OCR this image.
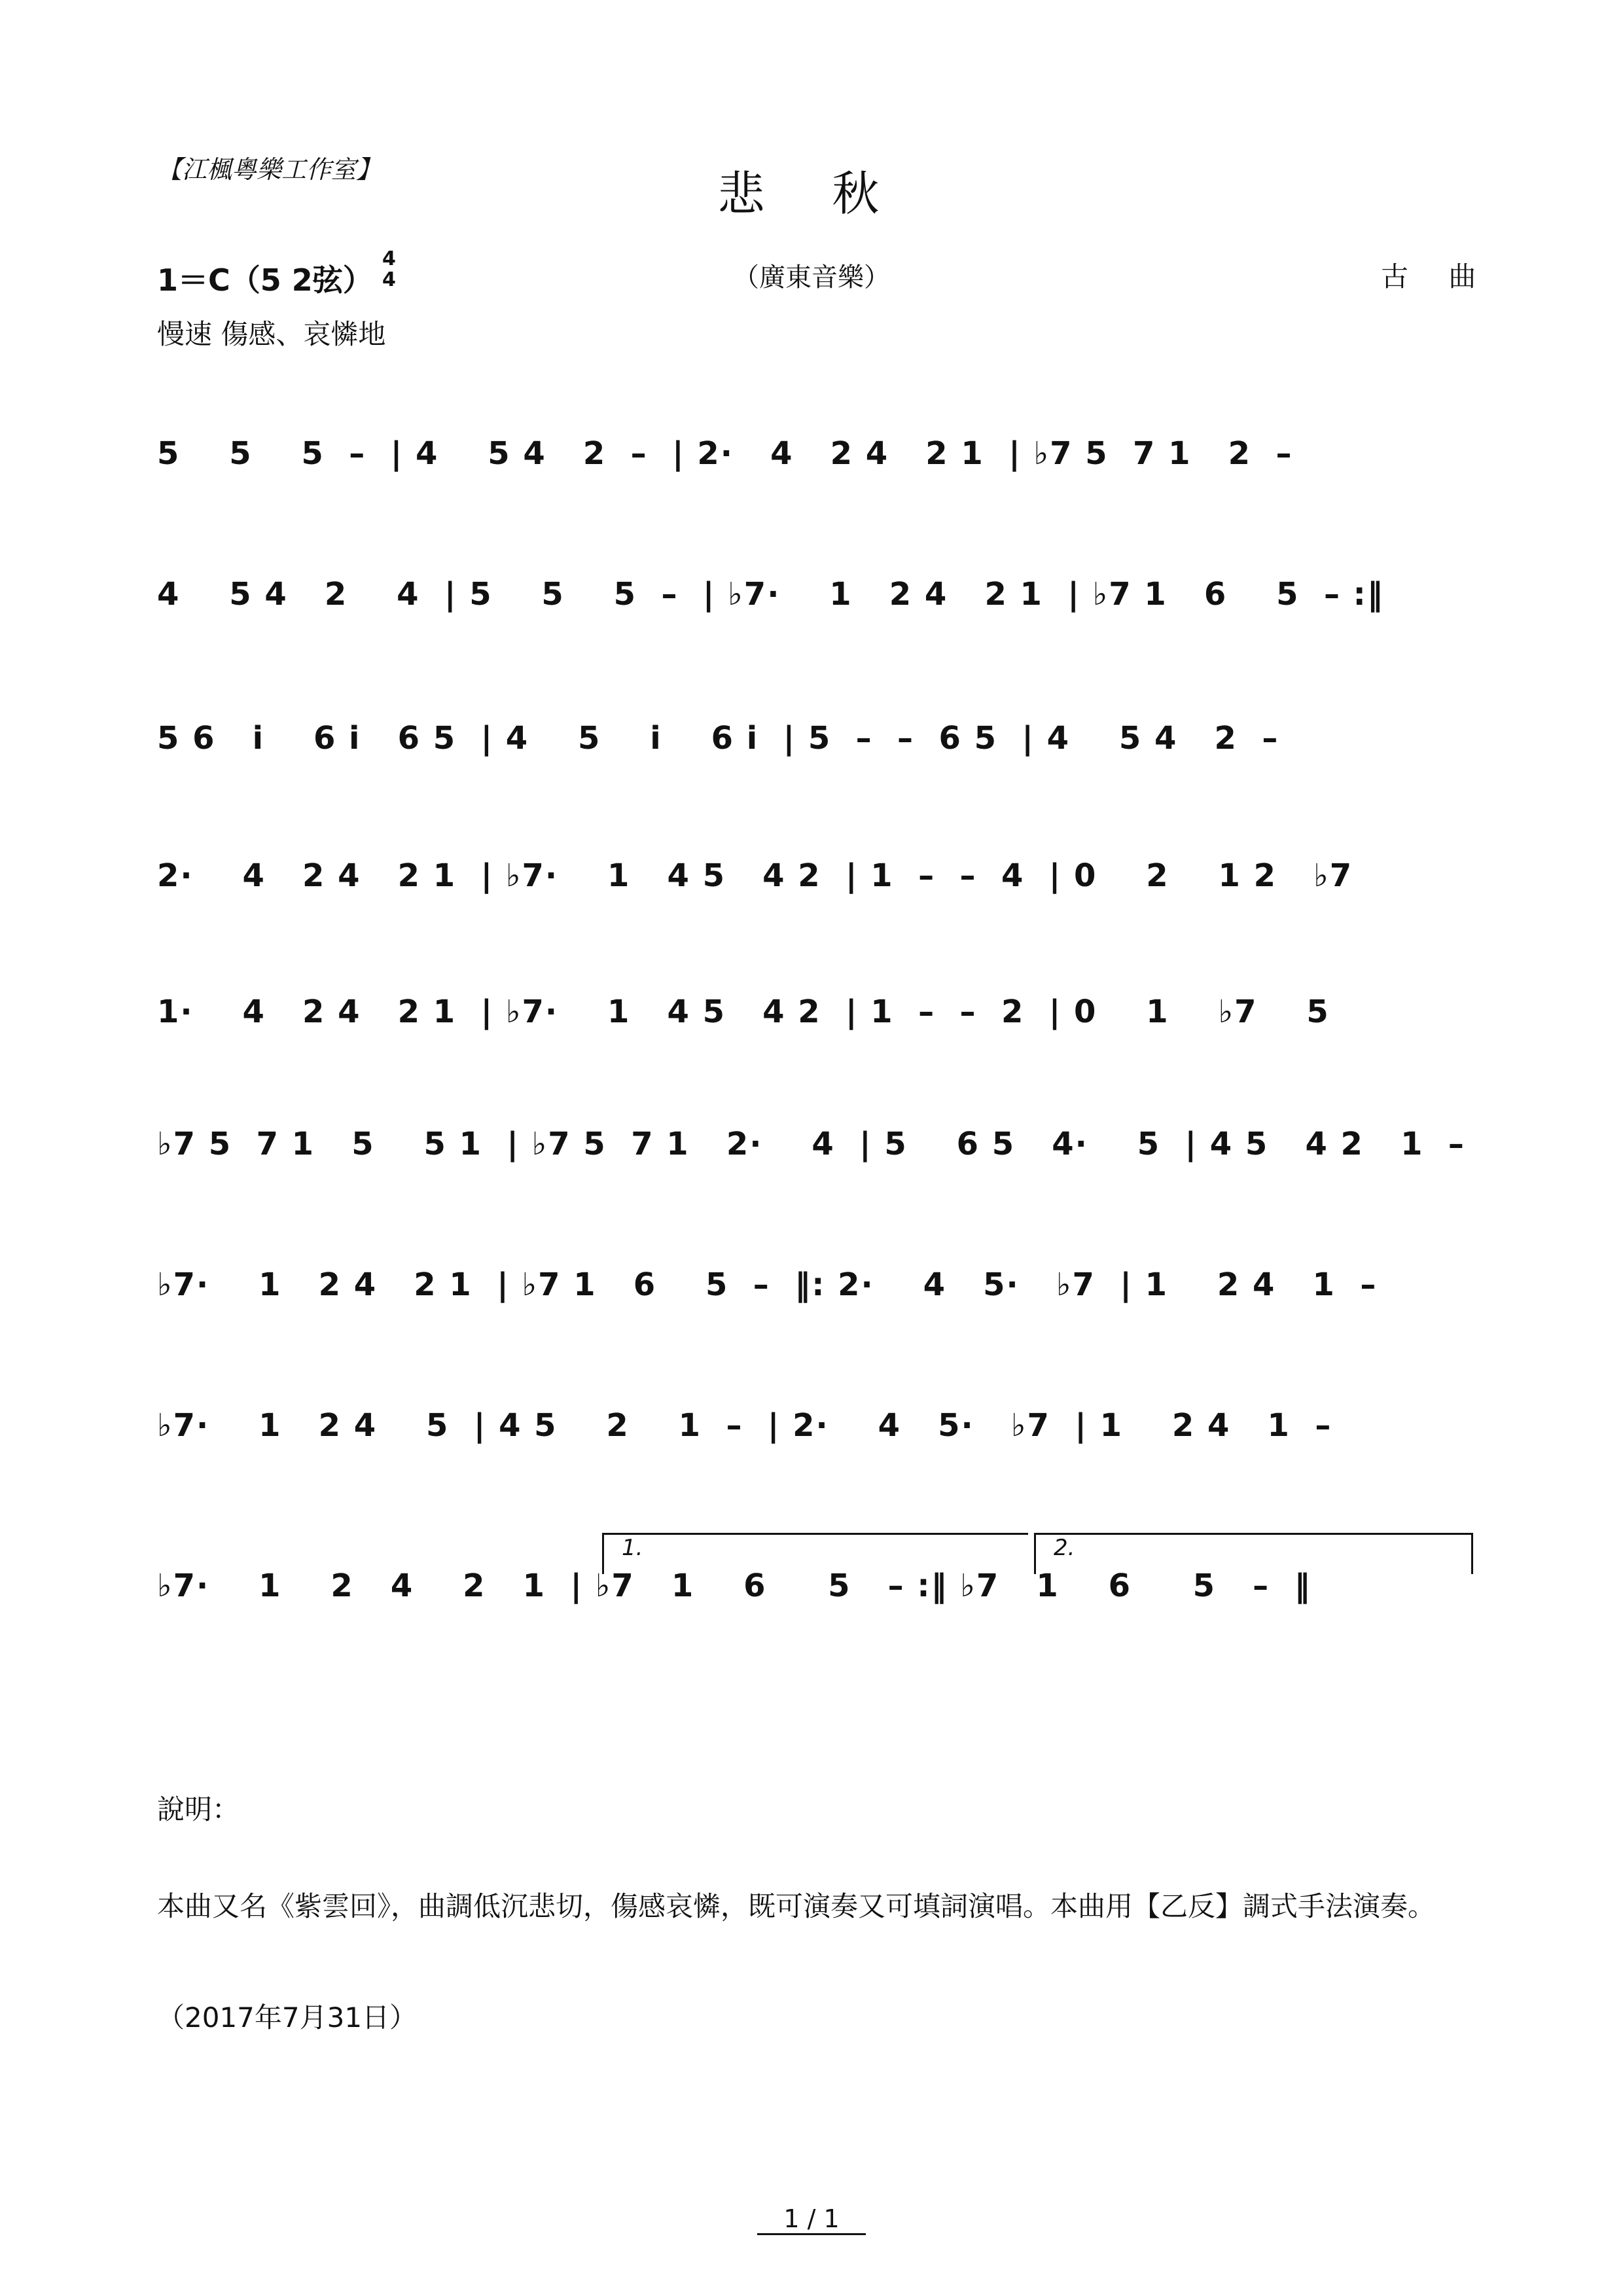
【江楓粵樂工作室】	悲 秋
1＝C（5 2弦）
4
4	（廣東音樂）	古 曲
慢速 傷感、哀憐地
5    5    5  –  | 4    5 4   2  –  | 2·   4   2 4   2 1  | ♭7 5  7 1   2  –
4    5 4   2    4  | 5    5    5  –  | ♭7·    1   2 4   2 1  | ♭7 1   6    5  – :‖
5 6   i    6 i   6 5  | 4    5    i    6 i  | 5  –  –  6 5  | 4    5 4   2  –
2·    4   2 4   2 1  | ♭7·    1   4 5   4 2  | 1  –  –  4  | 0    2    1 2   ♭7
1·    4   2 4   2 1  | ♭7·    1   4 5   4 2  | 1  –  –  2  | 0    1    ♭7    5
♭7 5  7 1   5    5 1  | ♭7 5  7 1   2·    4  | 5    6 5   4·    5  | 4 5   4 2   1  –
♭7·    1   2 4   2 1  | ♭7 1   6    5  –  ‖: 2·    4   5·   ♭7  | 1    2 4   1  –
♭7·    1   2 4    5  | 4 5    2    1  –  | 2·    4   5·   ♭7  | 1    2 4   1  –
♭7·    1    2   4    2   1  | ♭7   1    6     5   – :‖ ♭7   1    6     5   –  ‖
1.	2.
說明：
本曲又名《紫雲回》，曲調低沉悲切，傷感哀憐，既可演奏又可填詞演唱。本曲用【乙反】調式手法演奏。
（2017年7月31日）
1 / 1
